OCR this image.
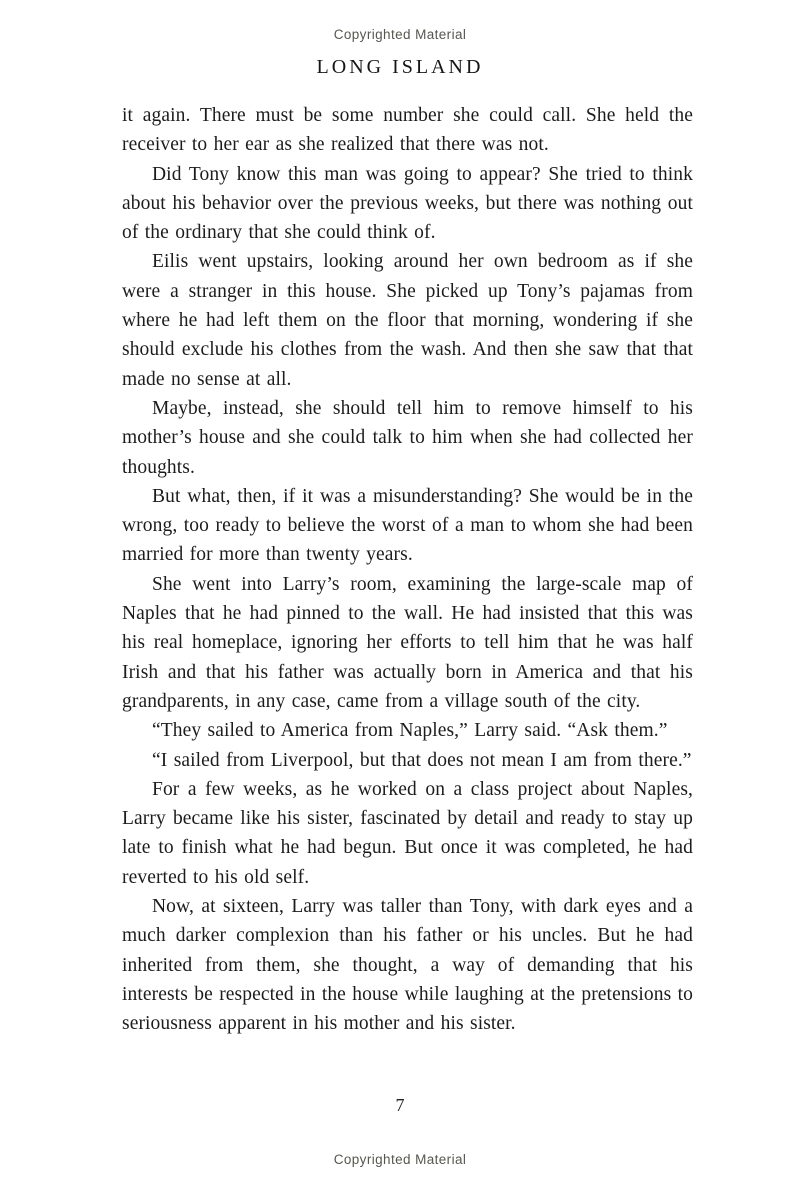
Copyrighted Material
LONG ISLAND

it again. There must be some number she could call. She held the receiver to her ear as she realized that there was not.

Did Tony know this man was going to appear? She tried to think about his behavior over the previous weeks, but there was nothing out of the ordinary that she could think of.

Eilis went upstairs, looking around her own bedroom as if she were a stranger in this house. She picked up Tony’s pajamas from where he had left them on the floor that morning, wondering if she should exclude his clothes from the wash. And then she saw that that made no sense at all.

Maybe, instead, she should tell him to remove himself to his mother’s house and she could talk to him when she had collected her thoughts.

But what, then, if it was a misunderstanding? She would be in the wrong, too ready to believe the worst of a man to whom she had been married for more than twenty years.

She went into Larry’s room, examining the large-scale map of Naples that he had pinned to the wall. He had insisted that this was his real homeplace, ignoring her efforts to tell him that he was half Irish and that his father was actually born in America and that his grandparents, in any case, came from a village south of the city.

“They sailed to America from Naples,” Larry said. “Ask them.”

“I sailed from Liverpool, but that does not mean I am from there.”

For a few weeks, as he worked on a class project about Naples, Larry became like his sister, fascinated by detail and ready to stay up late to finish what he had begun. But once it was completed, he had reverted to his old self.

Now, at sixteen, Larry was taller than Tony, with dark eyes and a much darker complexion than his father or his uncles. But he had inherited from them, she thought, a way of demanding that his interests be respected in the house while laughing at the pretensions to seriousness apparent in his mother and his sister.

7
Copyrighted Material
